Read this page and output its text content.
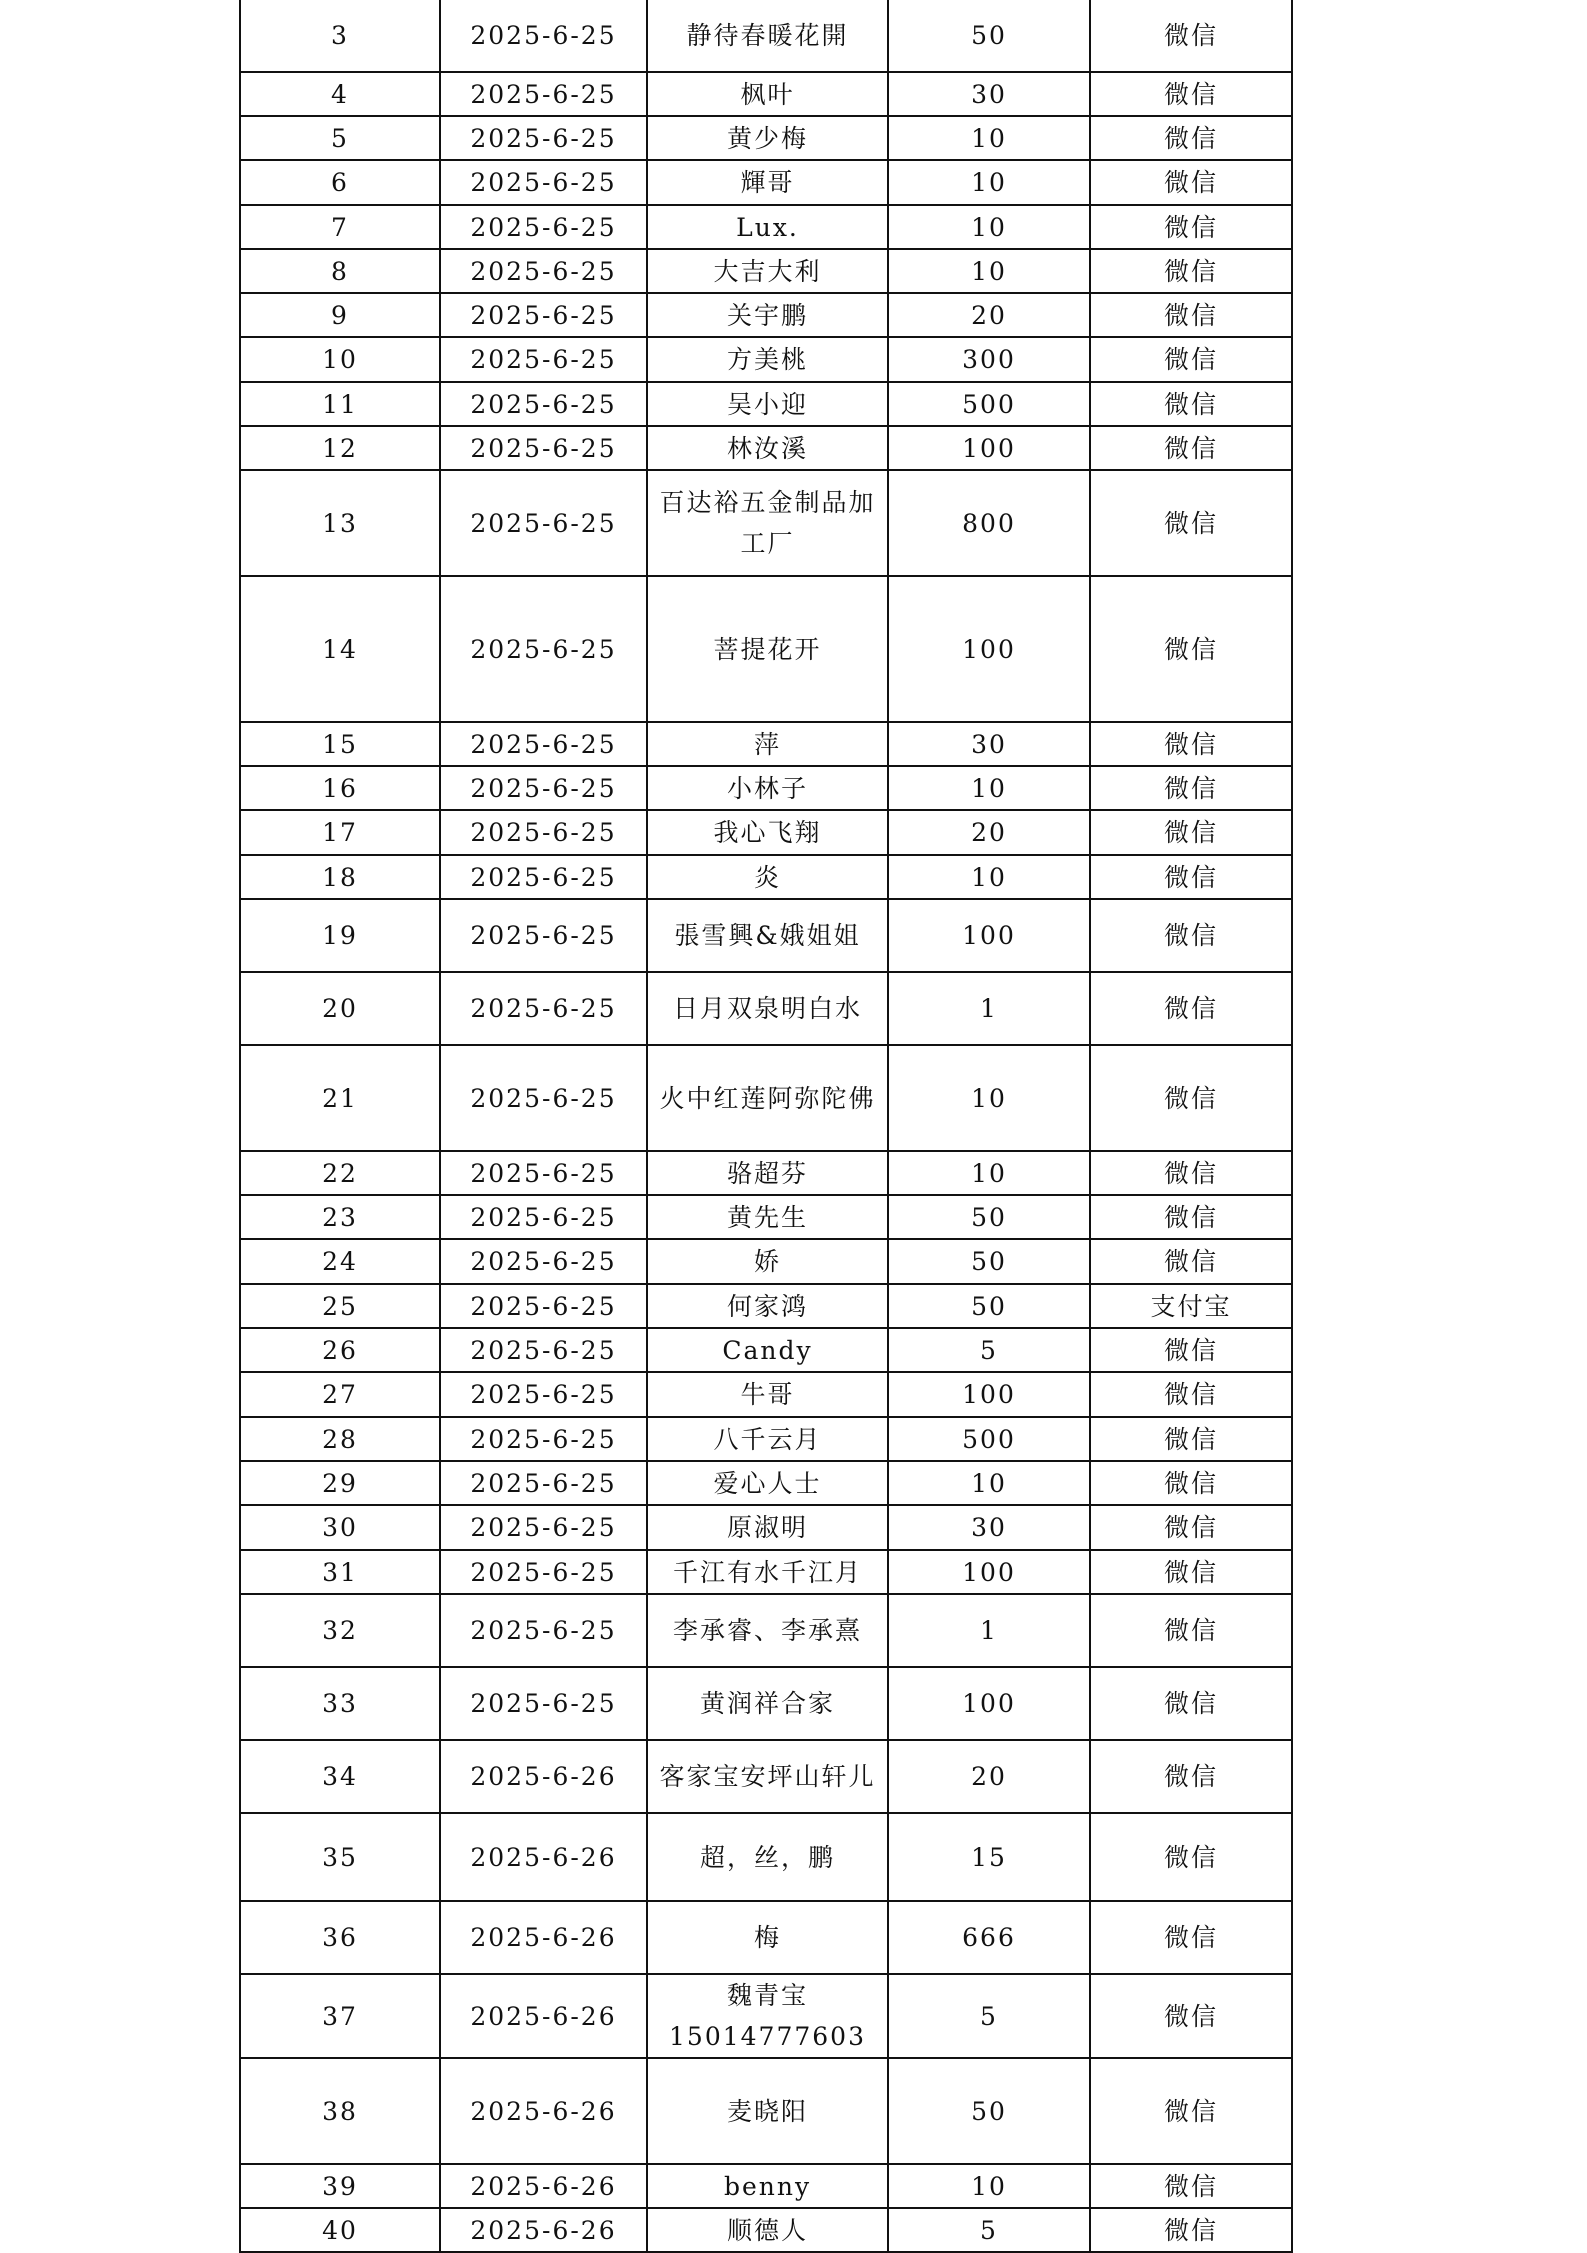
3	2025-6-25	静待春暖花開	50	微信
4	2025-6-25	枫叶	30	微信
5	2025-6-25	黄少梅	10	微信
6	2025-6-25	輝哥	10	微信
7	2025-6-25	Lux.	10	微信
8	2025-6-25	大吉大利	10	微信
9	2025-6-25	关宇鹏	20	微信
10	2025-6-25	方美桃	300	微信
11	2025-6-25	吴小迎	500	微信
12	2025-6-25	林汝溪	100	微信
13	2025-6-25	百达裕五金制品加工厂	800	微信
14	2025-6-25	菩提花开	100	微信
15	2025-6-25	萍	30	微信
16	2025-6-25	小林子	10	微信
17	2025-6-25	我心飞翔	20	微信
18	2025-6-25	炎	10	微信
19	2025-6-25	張雪興&娥姐姐	100	微信
20	2025-6-25	日月双泉明白水	1	微信
21	2025-6-25	火中红莲阿弥陀佛	10	微信
22	2025-6-25	骆超芬	10	微信
23	2025-6-25	黄先生	50	微信
24	2025-6-25	娇	50	微信
25	2025-6-25	何家鸿	50	支付宝
26	2025-6-25	Candy	5	微信
27	2025-6-25	牛哥	100	微信
28	2025-6-25	八千云月	500	微信
29	2025-6-25	爱心人士	10	微信
30	2025-6-25	原淑明	30	微信
31	2025-6-25	千江有水千江月	100	微信
32	2025-6-25	李承睿、李承熹	1	微信
33	2025-6-25	黄润祥合家	100	微信
34	2025-6-26	客家宝安坪山轩儿	20	微信
35	2025-6-26	超，丝，鹏	15	微信
36	2025-6-26	梅	666	微信
37	2025-6-26	魏青宝15014777603	5	微信
38	2025-6-26	麦晓阳	50	微信
39	2025-6-26	benny	10	微信
40	2025-6-26	顺德人	5	微信
